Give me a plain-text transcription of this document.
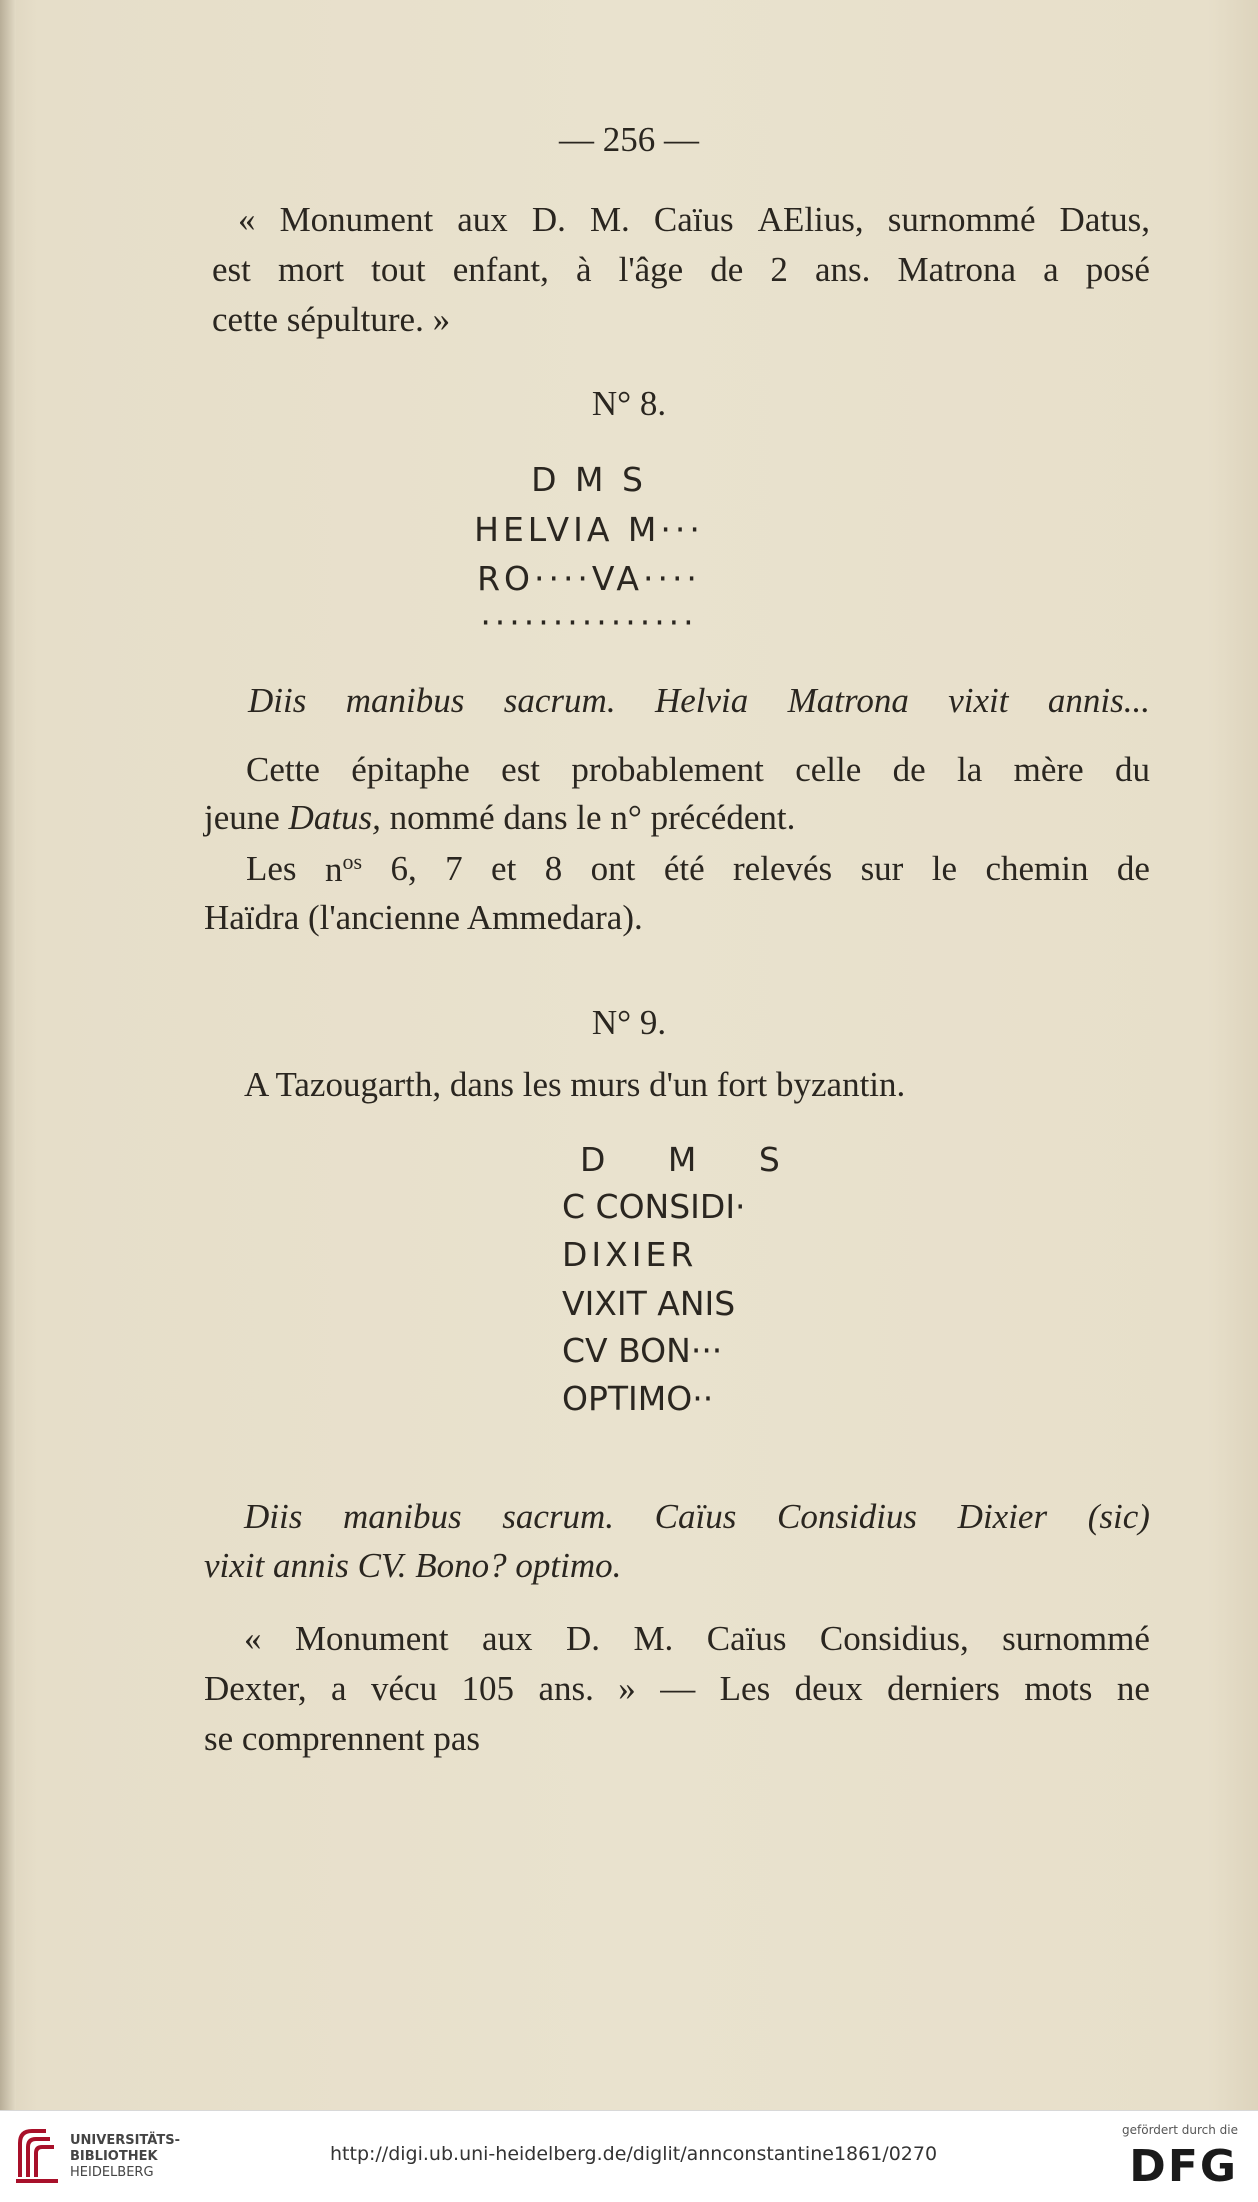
— 256 —
« Monument aux D. M. Caïus AElius, surnommé Datus,
est mort tout enfant, à l'âge de 2 ans. Matrona a posé
cette sépulture. »
N° 8.
D M S
HELVIA M···
RO····VA····
···············
Diis manibus sacrum. Helvia Matrona vixit annis...
Cette épitaphe est probablement celle de la mère du
jeune Datus, nommé dans le n° précédent.
Les $n^{os}$ 6, 7 et 8 ont été relevés sur le chemin de
Haïdra (l'ancienne Ammedara).
N° 9.
A Tazougarth, dans les murs d'un fort byzantin.
D M S
C CONSIDI·
DIXIER
VIXIT ANIS
CV BON···
OPTIMO··
Diis manibus sacrum. Caïus Considius Dixier (sic)
vixit annis CV. Bono? optimo.
« Monument aux D. M. Caïus Considius, surnommé
Dexter, a vécu 105 ans. » — Les deux derniers mots ne
se comprennent pas
UNIVERSITÄTS-
BIBLIOTHEK
HEIDELBERG
http://digi.ub.uni-heidelberg.de/diglit/annconstantine1861/0270
gefördert durch die
DFG
